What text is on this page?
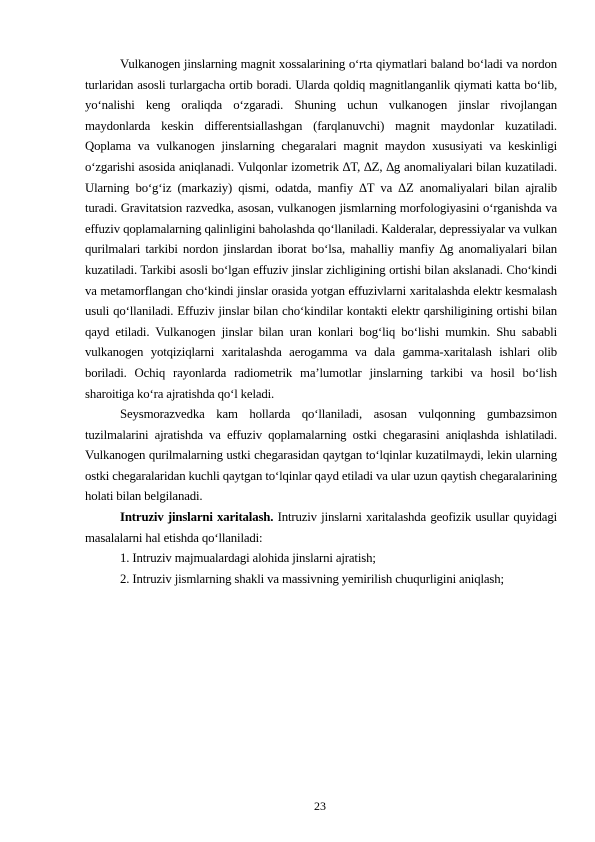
Vulkanogen jinslarning magnit xossalarining o‘rta qiymatlari baland bo‘ladi va nordon turlaridan asosli turlargacha ortib boradi. Ularda qoldiq magnitlanganlik qiymati katta bo‘lib, yo‘nalishi keng oraliqda o‘zgaradi. Shuning uchun vulkanogen jinslar rivojlangan maydonlarda keskin differentsiallashgan (farqlanuvchi) magnit maydonlar kuzatiladi. Qoplama va vulkanogen jinslarning chegaralari magnit maydon xususiyati va keskinligi o‘zgarishi asosida aniqlanadi. Vulqonlar izometrik ∆T, ∆Z, ∆g anomaliyalari bilan kuzatiladi. Ularning bo‘g‘iz (markaziy) qismi, odatda, manfiy ∆T va ∆Z anomaliyalari bilan ajralib turadi. Gravitatsion razvedka, asosan, vulkanogen jismlarning morfologiyasini o‘rganishda va effuziv qoplamalarning qalinligini baholashda qo‘llaniladi. Kalderalar, depressiyalar va vulkan qurilmalari tarkibi nordon jinslardan iborat bo‘lsa, mahalliy manfiy ∆g anomaliyalari bilan kuzatiladi. Tarkibi asosli bo‘lgan effuziv jinslar zichligining ortishi bilan akslanadi. Cho‘kindi va metamorflangan cho‘kindi jinslar orasida yotgan effuzivlarni xaritalashda elektr kesmalash usuli qo‘llaniladi. Effuziv jinslar bilan cho‘kindilar kontakti elektr qarshiligining ortishi bilan qayd etiladi. Vulkanogen jinslar bilan uran konlari bog‘liq bo‘lishi mumkin. Shu sababli vulkanogen yotqiziqlarni xaritalashda aerogamma va dala gamma-xaritalash ishlari olib boriladi. Ochiq rayonlarda radiometrik ma’lumotlar jinslarning tarkibi va hosil bo‘lish sharoitiga ko‘ra ajratishda qo‘l keladi.

Seysmorazvedka kam hollarda qo‘llaniladi, asosan vulqonning gumbazsimon tuzilmalarini ajratishda va effuziv qoplamalarning ostki chegarasini aniqlashda ishlatiladi. Vulkanogen qurilmalarning ustki chegarasidan qaytgan to‘lqinlar kuzatilmaydi, lekin ularning ostki chegaralaridan kuchli qaytgan to‘lqinlar qayd etiladi va ular uzun qaytish chegaralarining holati bilan belgilanadi.

Intruziv jinslarni xaritalash. Intruziv jinslarni xaritalashda geofizik usullar quyidagi masalalarni hal etishda qo‘llaniladi:

1. Intruziv majmualardagi alohida jinslarni ajratish;

2. Intruziv jismlarning shakli va massivning yemirilish chuqurligini aniqlash;

23
